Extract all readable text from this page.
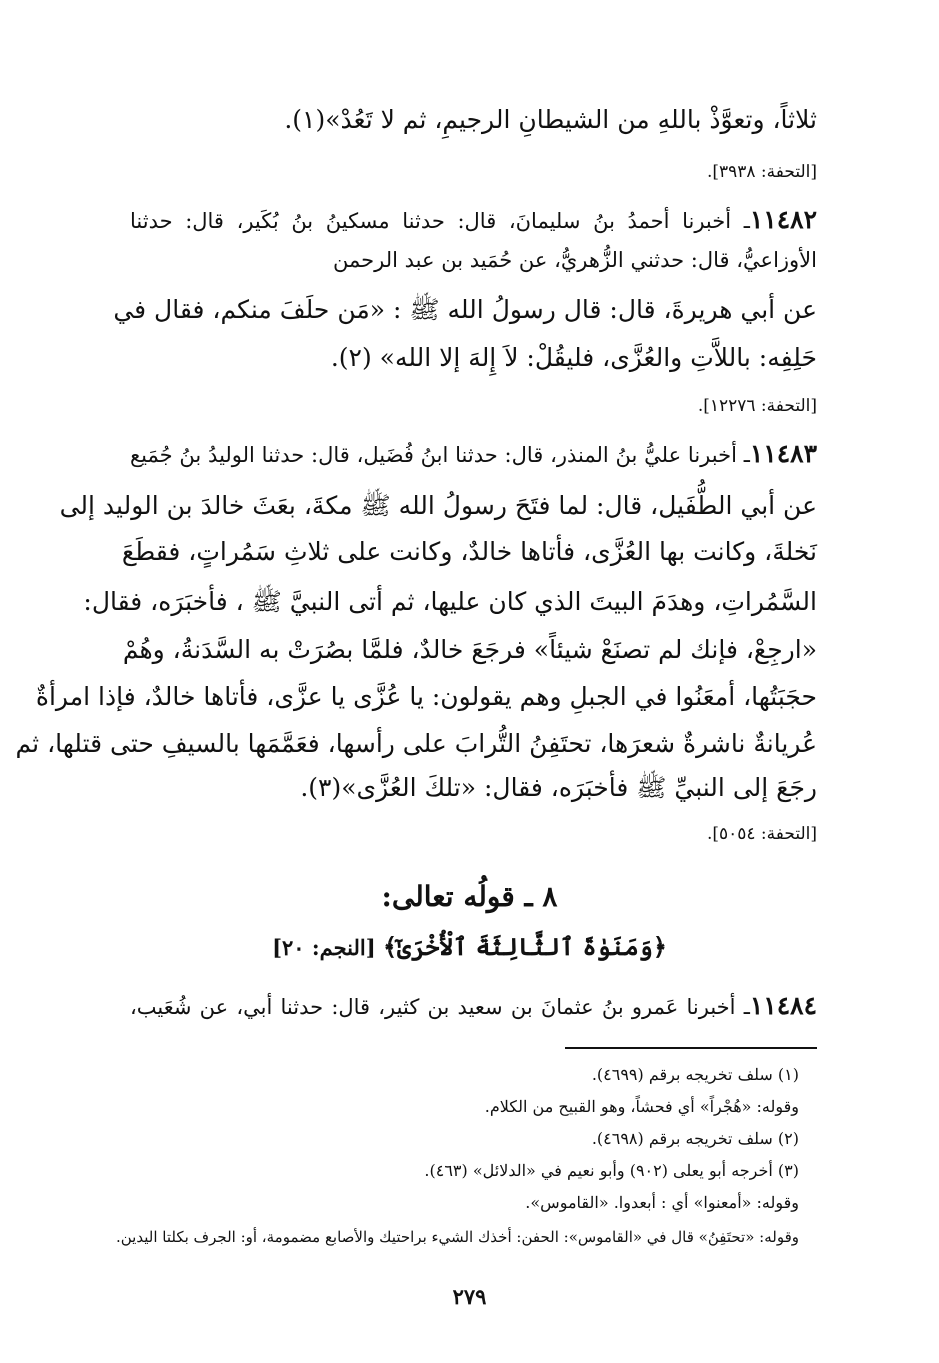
ثلاثاً، وتعوَّذْ باللهِ من الشيطانِ الرجيمِ، ثم لا تَعُدْ»(١).
[التحفة: ٣٩٣٨].
١١٤٨٢ـ أخبرنا أحمدُ بنُ سليمانَ، قال: حدثنا مسكينُ بنُ بُكَير، قال: حدثنا
الأوزاعيُّ، قال: حدثني الزُّهريُّ، عن حُمَيد بن عبد الرحمن
عن أبي هريرةَ، قال: قال رسولُ الله ﷺ : «مَن حلَفَ منكم، فقال في
حَلِفِه: باللاَّتِ والعُزَّى، فليقُلْ: لاَ إِلهَ إلا الله» (٢).
[التحفة: ١٢٢٧٦].
١١٤٨٣ـ أخبرنا عليُّ بنُ المنذر، قال: حدثنا ابنُ فُضَيل، قال: حدثنا الوليدُ بنُ جُمَيع
عن أبي الطُّفَيل، قال: لما فتَحَ رسولُ الله ﷺ مكةَ، بعَثَ خالدَ بن الوليد إلى
نَخلةَ، وكانت بها العُزَّى، فأتاها خالدٌ، وكانت على ثلاثِ سَمُراتٍ، فقطَعَ
السَّمُراتِ، وهدَمَ البيتَ الذي كان عليها، ثم أتى النبيَّ ﷺ ، فأخبَرَه، فقال:
«ارجِعْ، فإنك لم تصنَعْ شيئاً» فرجَعَ خالدٌ، فلمَّا بصُرَتْ به السَّدَنةُ، وهُمْ
حجَبَتُها، أمعَنُوا في الجبلِ وهم يقولون: يا عُزَّى يا عزَّى، فأتاها خالدٌ، فإذا امرأةٌ
عُريانةٌ ناشرةٌ شعرَها، تحتَفِنُ التُّرابَ على رأسها، فعَمَّمَها بالسيفِ حتى قتلها، ثم
رجَعَ إلى النبيِّ ﷺ فأخبَرَه، فقال: «تلكَ العُزَّى»(٣).
[التحفة: ٥٠٥٤].
٨ ـ قولُه تعالى:
﴿وَمَنَوٰةَ ٱلثَّالِثَةَ ٱلْأُخْرَىٰٓ﴾ [النجم: ٢٠]
١١٤٨٤ـ أخبرنا عَمرو بنُ عثمانَ بن سعيد بن كثير، قال: حدثنا أبي، عن شُعَيب،
(١) سلف تخريجه برقم (٤٦٩٩).
وقوله: «هُجْراً» أي فحشاً، وهو القبيح من الكلام.
(٢) سلف تخريجه برقم (٤٦٩٨).
(٣) أخرجه أبو يعلى (٩٠٢) وأبو نعيم في «الدلائل» (٤٦٣).
وقوله: «أمعنوا» أي : أبعدوا. «القاموس».
وقوله: «تحتَفِنُ» قال في «القاموس»: الحفن: أخذك الشيء براحتيك والأصابع مضمومة، أو: الجرف بكلتا اليدين.
٢٧٩
